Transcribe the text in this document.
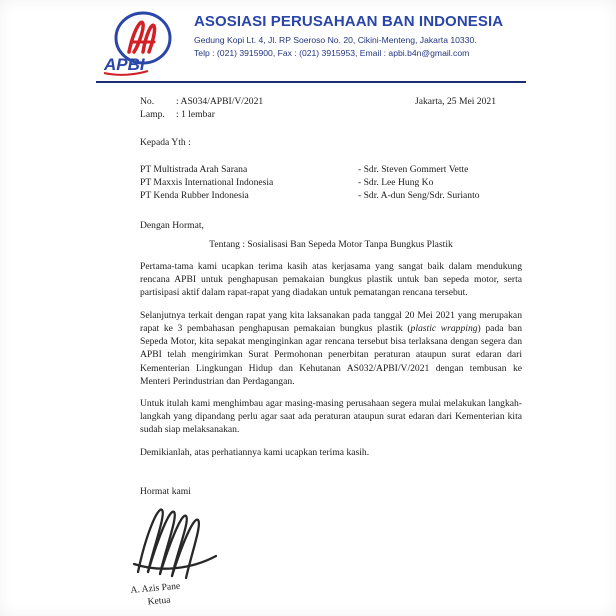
APBI
ASOSIASI PERUSAHAAN BAN INDONESIA
Gedung Kopi Lt. 4, Jl. RP Soeroso No. 20, Cikini-Menteng, Jakarta 10330.
Telp : (021) 3915900, Fax : (021) 3915953, Email : apbi.b4n@gmail.com
No. : AS034/APBI/V/2021
Lamp. : 1 lembar
Jakarta, 25 Mei 2021
Kepada Yth :
PT Multistrada Arah Sarana	- Sdr. Steven Gommert Vette
PT Maxxis International Indonesia	- Sdr. Lee Hung Ko
PT Kenda Rubber Indonesia	- Sdr. A-dun Seng/Sdr. Surianto
Dengan Hormat,
Tentang : Sosialisasi Ban Sepeda Motor Tanpa Bungkus Plastik

Pertama-tama kami ucapkan terima kasih atas kerjasama yang sangat baik dalam mendukung rencana APBI untuk penghapusan pemakaian bungkus plastik untuk ban sepeda motor, serta partisipasi aktif dalam rapat-rapat yang diadakan untuk pematangan rencana tersebut.

Selanjutnya terkait dengan rapat yang kita laksanakan pada tanggal 20 Mei 2021 yang merupakan rapat ke 3 pembahasan penghapusan pemakaian bungkus plastik (plastic wrapping) pada ban Sepeda Motor, kita sepakat menginginkan agar rencana tersebut bisa terlaksana dengan segera dan APBI telah mengirimkan Surat Permohonan penerbitan peraturan ataupun surat edaran dari Kementerian Lingkungan Hidup dan Kehutanan AS032/APBI/V/2021 dengan tembusan ke Menteri Perindustrian dan Perdagangan.

Untuk itulah kami menghimbau agar masing-masing perusahaan segera mulai melakukan langkah-langkah yang dipandang perlu agar saat ada peraturan ataupun surat edaran dari Kementerian kita sudah siap melaksanakan.

Demikianlah, atas perhatiannya kami ucapkan terima kasih.

Hormat kami
A. Azis Pane
Ketua
